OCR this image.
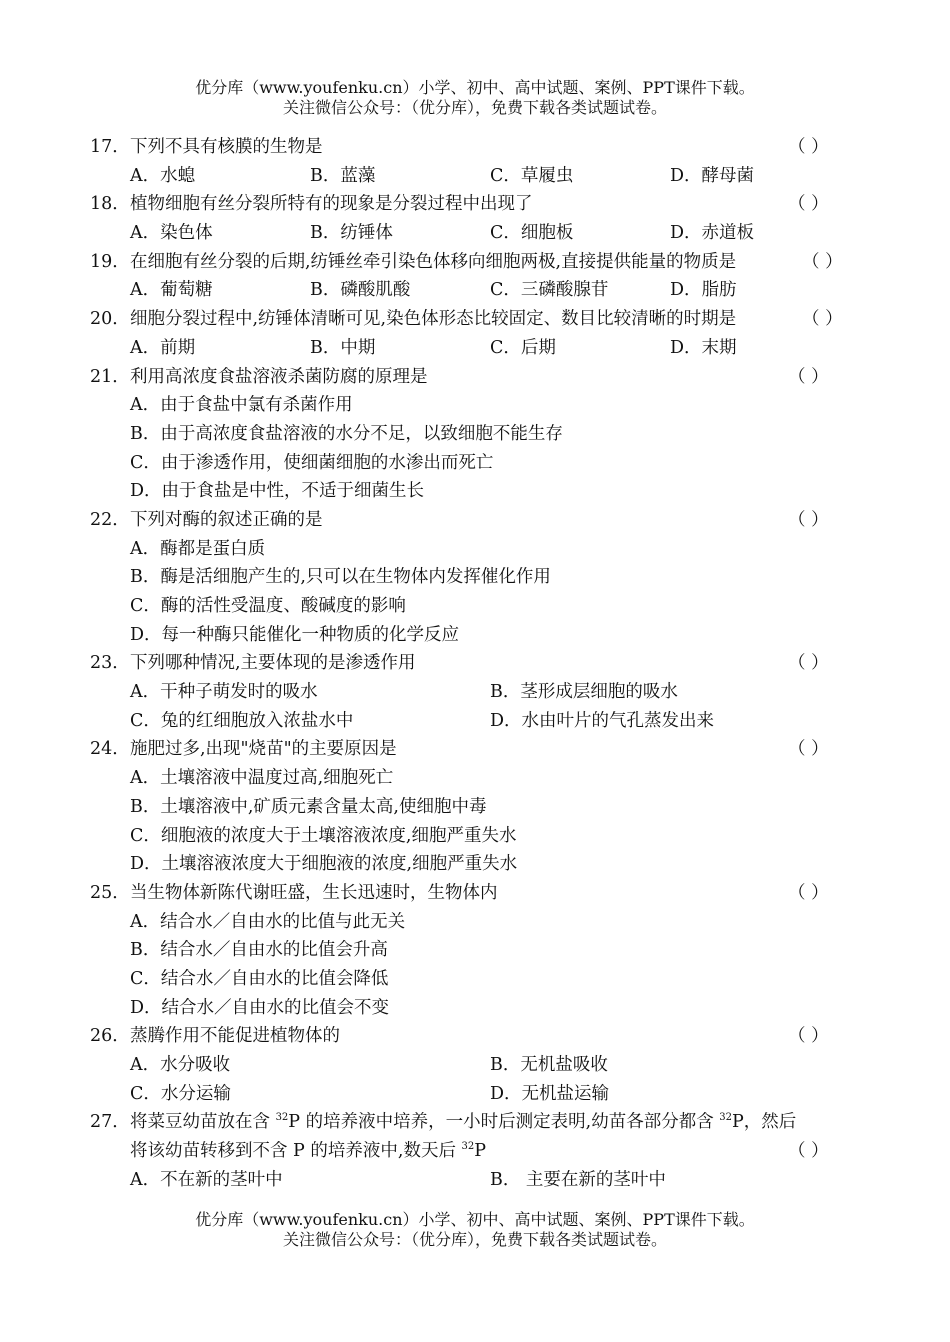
优分库（www.youfenku.cn）小学、初中、高中试题、案例、PPT课件下载。
关注微信公众号：（优分库），免费下载各类试题试卷。
17． 下列不具有核膜的生物是	（ ）
A．水螅	B．蓝藻	C．草履虫	D．酵母菌
18． 植物细胞有丝分裂所特有的现象是分裂过程中出现了	（ ）
A．染色体	B．纺锤体	C．细胞板	D．赤道板
19． 在细胞有丝分裂的后期,纺锤丝牵引染色体移向细胞两极,直接提供能量的物质是	（ ）
A．葡萄糖	B．磷酸肌酸	C．三磷酸腺苷	D．脂肪
20． 细胞分裂过程中,纺锤体清晰可见,染色体形态比较固定、数目比较清晰的时期是	（ ）
A．前期	B．中期	C．后期	D．末期
21． 利用高浓度食盐溶液杀菌防腐的原理是	（ ）
A．由于食盐中氯有杀菌作用
B．由于高浓度食盐溶液的水分不足，以致细胞不能生存
C．由于渗透作用，使细菌细胞的水渗出而死亡
D．由于食盐是中性，不适于细菌生长
22． 下列对酶的叙述正确的是	（ ）
A．酶都是蛋白质
B．酶是活细胞产生的,只可以在生物体内发挥催化作用
C．酶的活性受温度、酸碱度的影响
D．每一种酶只能催化一种物质的化学反应
23． 下列哪种情况,主要体现的是渗透作用	（ ）
A．干种子萌发时的吸水	B．茎形成层细胞的吸水
C．兔的红细胞放入浓盐水中	D．水由叶片的气孔蒸发出来
24． 施肥过多,出现"烧苗"的主要原因是	（ ）
A．土壤溶液中温度过高,细胞死亡
B．土壤溶液中,矿质元素含量太高,使细胞中毒
C．细胞液的浓度大于土壤溶液浓度,细胞严重失水
D．土壤溶液浓度大于细胞液的浓度,细胞严重失水
25． 当生物体新陈代谢旺盛，生长迅速时，生物体内	（ ）
A．结合水／自由水的比值与此无关
B．结合水／自由水的比值会升高
C．结合水／自由水的比值会降低
D．结合水／自由水的比值会不变
26． 蒸腾作用不能促进植物体的	（ ）
A．水分吸收	B．无机盐吸收
C．水分运输	D．无机盐运输
27． 将菜豆幼苗放在含 $^{32}$P 的培养液中培养，一小时后测定表明,幼苗各部分都含 $^{32}$P，然后
将该幼苗转移到不含 P 的培养液中,数天后 $^{32}$P	（ ）
A．不在新的茎叶中	B． 主要在新的茎叶中
优分库（www.youfenku.cn）小学、初中、高中试题、案例、PPT课件下载。
关注微信公众号：（优分库），免费下载各类试题试卷。
